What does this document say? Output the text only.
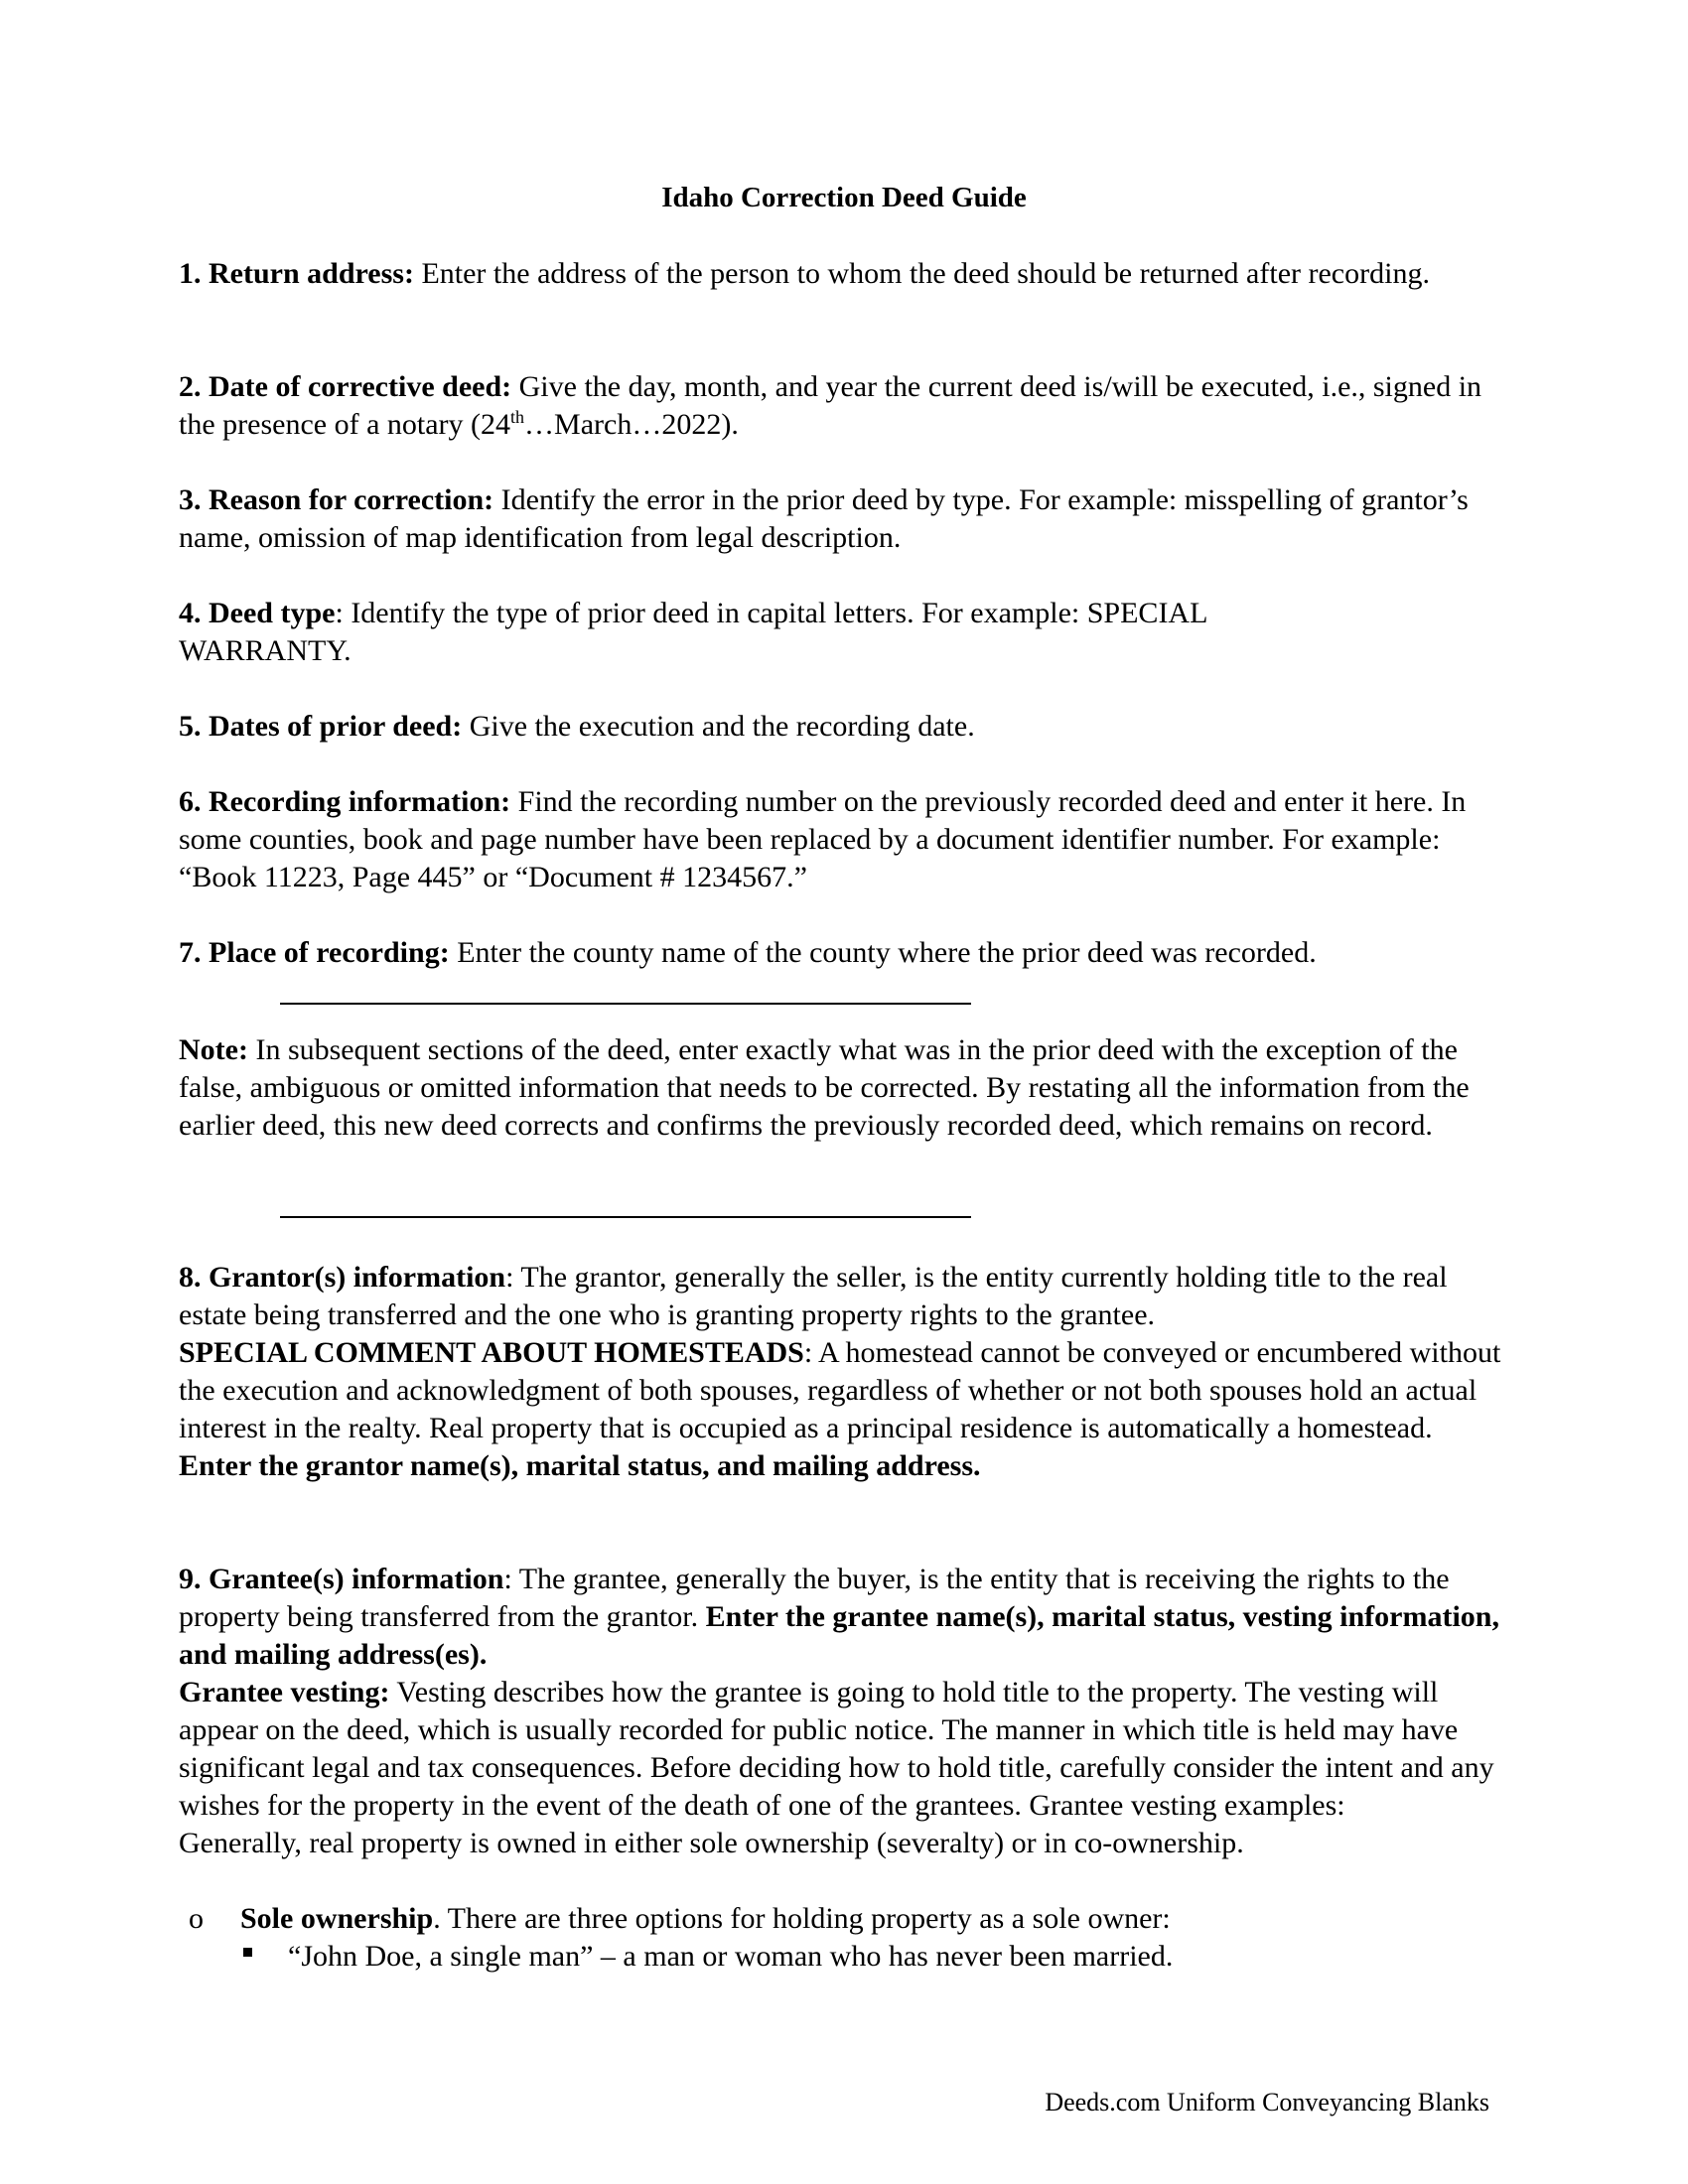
Idaho Correction Deed Guide

1. Return address: Enter the address of the person to whom the deed should be returned after recording.

2. Date of corrective deed: Give the day, month, and year the current deed is/will be executed, i.e., signed in the presence of a notary (24th…March…2022).

3. Reason for correction: Identify the error in the prior deed by type. For example: misspelling of grantor’s name, omission of map identification from legal description.

4. Deed type: Identify the type of prior deed in capital letters. For example: SPECIAL WARRANTY.

5. Dates of prior deed: Give the execution and the recording date.

6. Recording information: Find the recording number on the previously recorded deed and enter it here. In some counties, book and page number have been replaced by a document identifier number. For example: “Book 11223, Page 445” or “Document # 1234567.”

7. Place of recording: Enter the county name of the county where the prior deed was recorded.

Note: In subsequent sections of the deed, enter exactly what was in the prior deed with the exception of the false, ambiguous or omitted information that needs to be corrected. By restating all the information from the earlier deed, this new deed corrects and confirms the previously recorded deed, which remains on record.

8. Grantor(s) information: The grantor, generally the seller, is the entity currently holding title to the real estate being transferred and the one who is granting property rights to the grantee.
SPECIAL COMMENT ABOUT HOMESTEADS: A homestead cannot be conveyed or encumbered without the execution and acknowledgment of both spouses, regardless of whether or not both spouses hold an actual interest in the realty. Real property that is occupied as a principal residence is automatically a homestead. Enter the grantor name(s), marital status, and mailing address.

9. Grantee(s) information: The grantee, generally the buyer, is the entity that is receiving the rights to the property being transferred from the grantor. Enter the grantee name(s), marital status, vesting information, and mailing address(es).
Grantee vesting: Vesting describes how the grantee is going to hold title to the property. The vesting will appear on the deed, which is usually recorded for public notice. The manner in which title is held may have significant legal and tax consequences. Before deciding how to hold title, carefully consider the intent and any wishes for the property in the event of the death of one of the grantees. Grantee vesting examples:
Generally, real property is owned in either sole ownership (severalty) or in co-ownership.

o Sole ownership. There are three options for holding property as a sole owner:

“John Doe, a single man” – a man or woman who has never been married.

Deeds.com Uniform Conveyancing Blanks
